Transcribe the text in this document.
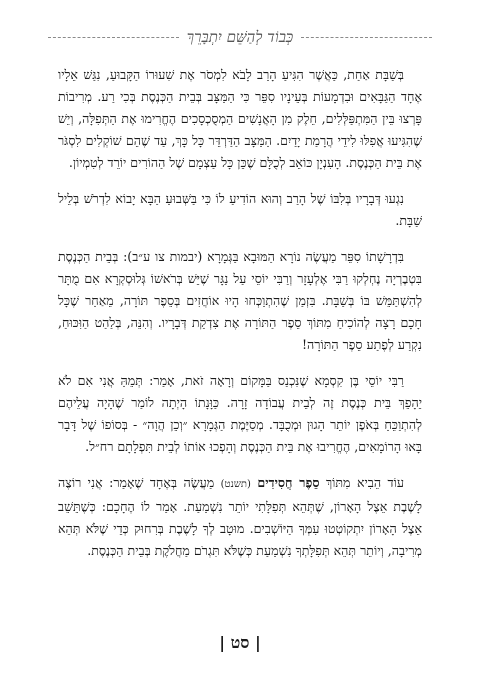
כְּבוֹד לְהַשֵּׁם יִתְבָּרֵךְ

בְּשַׁבָּת אַחַת, כַּאֲשֶׁר הִגִּיעַ הָרַב לָבֹא לִמְסֹר אֶת שִׁעוּרוֹ הַקָּבוּעַ, נִגַּשׁ אֵלָיו אֶחָד הַגַּבָּאִים וּבִדְמָעוֹת בְּעֵינָיו סִפֵּר כִּי הַמַּצָּב בְּבֵית הַכְּנֶסֶת בְּכִי רַע. מְרִיבוֹת פָּרְצוּ בֵּין הַמִּתְפַּלְּלִים, חֵלֶק מִן הָאֲנָשִׁים הַמְסֻכְסָכִים הֶחֱרִימוּ אֶת הַתְּפִלָּה, וְיֵשׁ שֶׁהִגִּיעוּ אֲפִלּוּ לִידֵי הֲרָמַת יָדַיִם. הַמַּצָּב הַדַּרְדֵּר כָּל כָּךְ, עַד שֶׁהֵם שׁוֹקְלִים לִסְגֹּר אֶת בֵּית הַכְּנֶסֶת. הָעִנְיָן כּוֹאֵב לְכֻלָּם שֶׁכֵּן כָּל עַצְמָם שֶׁל הַהוֹרִים יוֹרֵד לְטִמְיוֹן.

נִגְעוּ דְּבָרָיו בְּלִבּוֹ שֶׁל הָרַב וְהוּא הוֹדִיעַ לוֹ כִּי בַּשְּׁבוּעַ הַבָּא יָבוֹא לִדְרֹשׁ בְּלֵיל שַׁבָּת.

בִּדְרָשָׁתוֹ סִפֵּר מַעֲשֶׂה נוֹרָא הַמּוּבָא בַּגְּמָרָא (יבמות צו ע״ב): בְּבֵית הַכְּנֶסֶת בִּטְבֶרְיָה נֶחְלְקוּ רַבִּי אֶלְעָזָר וְרַבִּי יוֹסֵי עַל נַגָּר שֶׁיֵּשׁ בְּרֹאשׁוֹ גְּלוּסְקְרָא אִם מֻתָּר לְהִשְׁתַּמֵּשׁ בּוֹ בְּשַׁבָּת. בִּזְמַן שֶׁהִתְוַכְּחוּ הָיוּ אוֹחֲזִים בְּסֵפֶר תּוֹרָה, מֵאַחַר שֶׁכָּל חָכָם רָצָה לְהוֹכִיחַ מִתּוֹךְ סֵפֶר הַתּוֹרָה אֶת צִדְקַת דְּבָרָיו. וְהִנֵּה, בְּלַהַט הַוִּכּוּחַ, נִקְרַע לְפֶתַע סֵפֶר הַתּוֹרָה!

רַבִּי יוֹסֵי בֶּן קִסְמָא שֶׁנִּכְנַס בַּמָּקוֹם וְרָאָה זֹאת, אָמַר: תְּמֵהַּ אֲנִי אִם לֹא יֵהָפֵךְ בֵּית כְּנֶסֶת זֶה לְבֵית עֲבוֹדָה זָרָה. כַּוָּנָתוֹ הָיְתָה לוֹמַר שֶׁהָיָה עֲלֵיהֶם לְהִתְוַכֵּחַ בְּאֹפֶן יוֹתֵר הָגוּן וּמְכֻבָּד. מְסַיֶּמֶת הַגְּמָרָא ״וְכֵן הֲוָה״ - בְּסוֹפוֹ שֶׁל דָּבָר בָּאוּ הָרוֹמָאִים, הֶחֱרִיבוּ אֶת בֵּית הַכְּנֶסֶת וְהָפְכוּ אוֹתוֹ לְבֵית תִּפְלָתָם רח״ל.

עוֹד הֵבִיא מִתּוֹךְ סֵפֶר חֲסִידִים (תשנט) מַעֲשֶׂה בְּאֶחָד שֶׁאָמַר: אֲנִי רוֹצֶה לָשֶׁבֶת אֵצֶל הָאָרוֹן, שֶׁתְּהֵא תְּפִלָּתִי יוֹתֵר נִשְׁמַעַת. אָמַר לוֹ הֶחָכָם: כְּשֶׁתֵּשֵׁב אֵצֶל הָאָרוֹן יִתְקוֹטְטוּ עִמְּךָ הַיּוֹשְׁבִים. מוּטָב לְךָ לָשֶׁבֶת בְּרִחוּק כְּדֵי שֶׁלֹּא תְּהֵא מְרִיבָה, וְיוֹתֵר תְּהֵא תְּפִלָּתְךָ נִשְׁמַעַת כְּשֶׁלֹּא תִּגְרֹם מַחֲלֹקֶת בְּבֵית הַכְּנֶסֶת.

| סט |
